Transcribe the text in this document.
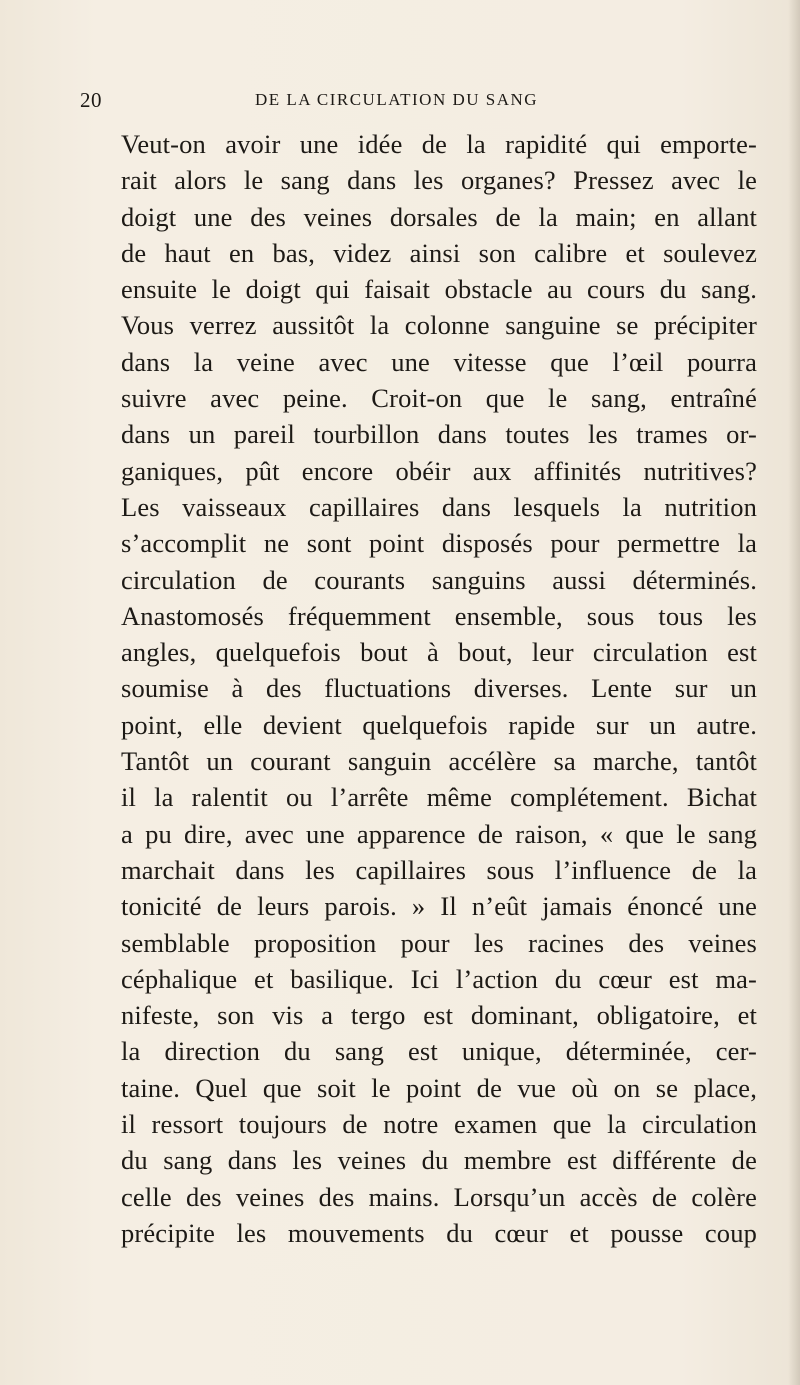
20	DE LA CIRCULATION DU SANG
Veut-on avoir une idée de la rapidité qui emporte-
rait alors le sang dans les organes? Pressez avec le
doigt une des veines dorsales de la main; en allant
de haut en bas, videz ainsi son calibre et soulevez
ensuite le doigt qui faisait obstacle au cours du sang.
Vous verrez aussitôt la colonne sanguine se précipiter
dans la veine avec une vitesse que l’œil pourra
suivre avec peine. Croit-on que le sang, entraîné
dans un pareil tourbillon dans toutes les trames or-
ganiques, pût encore obéir aux affinités nutritives?
Les vaisseaux capillaires dans lesquels la nutrition
s’accomplit ne sont point disposés pour permettre la
circulation de courants sanguins aussi déterminés.
Anastomosés fréquemment ensemble, sous tous les
angles, quelquefois bout à bout, leur circulation est
soumise à des fluctuations diverses. Lente sur un
point, elle devient quelquefois rapide sur un autre.
Tantôt un courant sanguin accélère sa marche, tantôt
il la ralentit ou l’arrête même complétement. Bichat
a pu dire, avec une apparence de raison, « que le sang
marchait dans les capillaires sous l’influence de la
tonicité de leurs parois. » Il n’eût jamais énoncé une
semblable proposition pour les racines des veines
céphalique et basilique. Ici l’action du cœur est ma-
nifeste, son vis a tergo est dominant, obligatoire, et
la direction du sang est unique, déterminée, cer-
taine. Quel que soit le point de vue où on se place,
il ressort toujours de notre examen que la circulation
du sang dans les veines du membre est différente de
celle des veines des mains. Lorsqu’un accès de colère
précipite les mouvements du cœur et pousse coup
